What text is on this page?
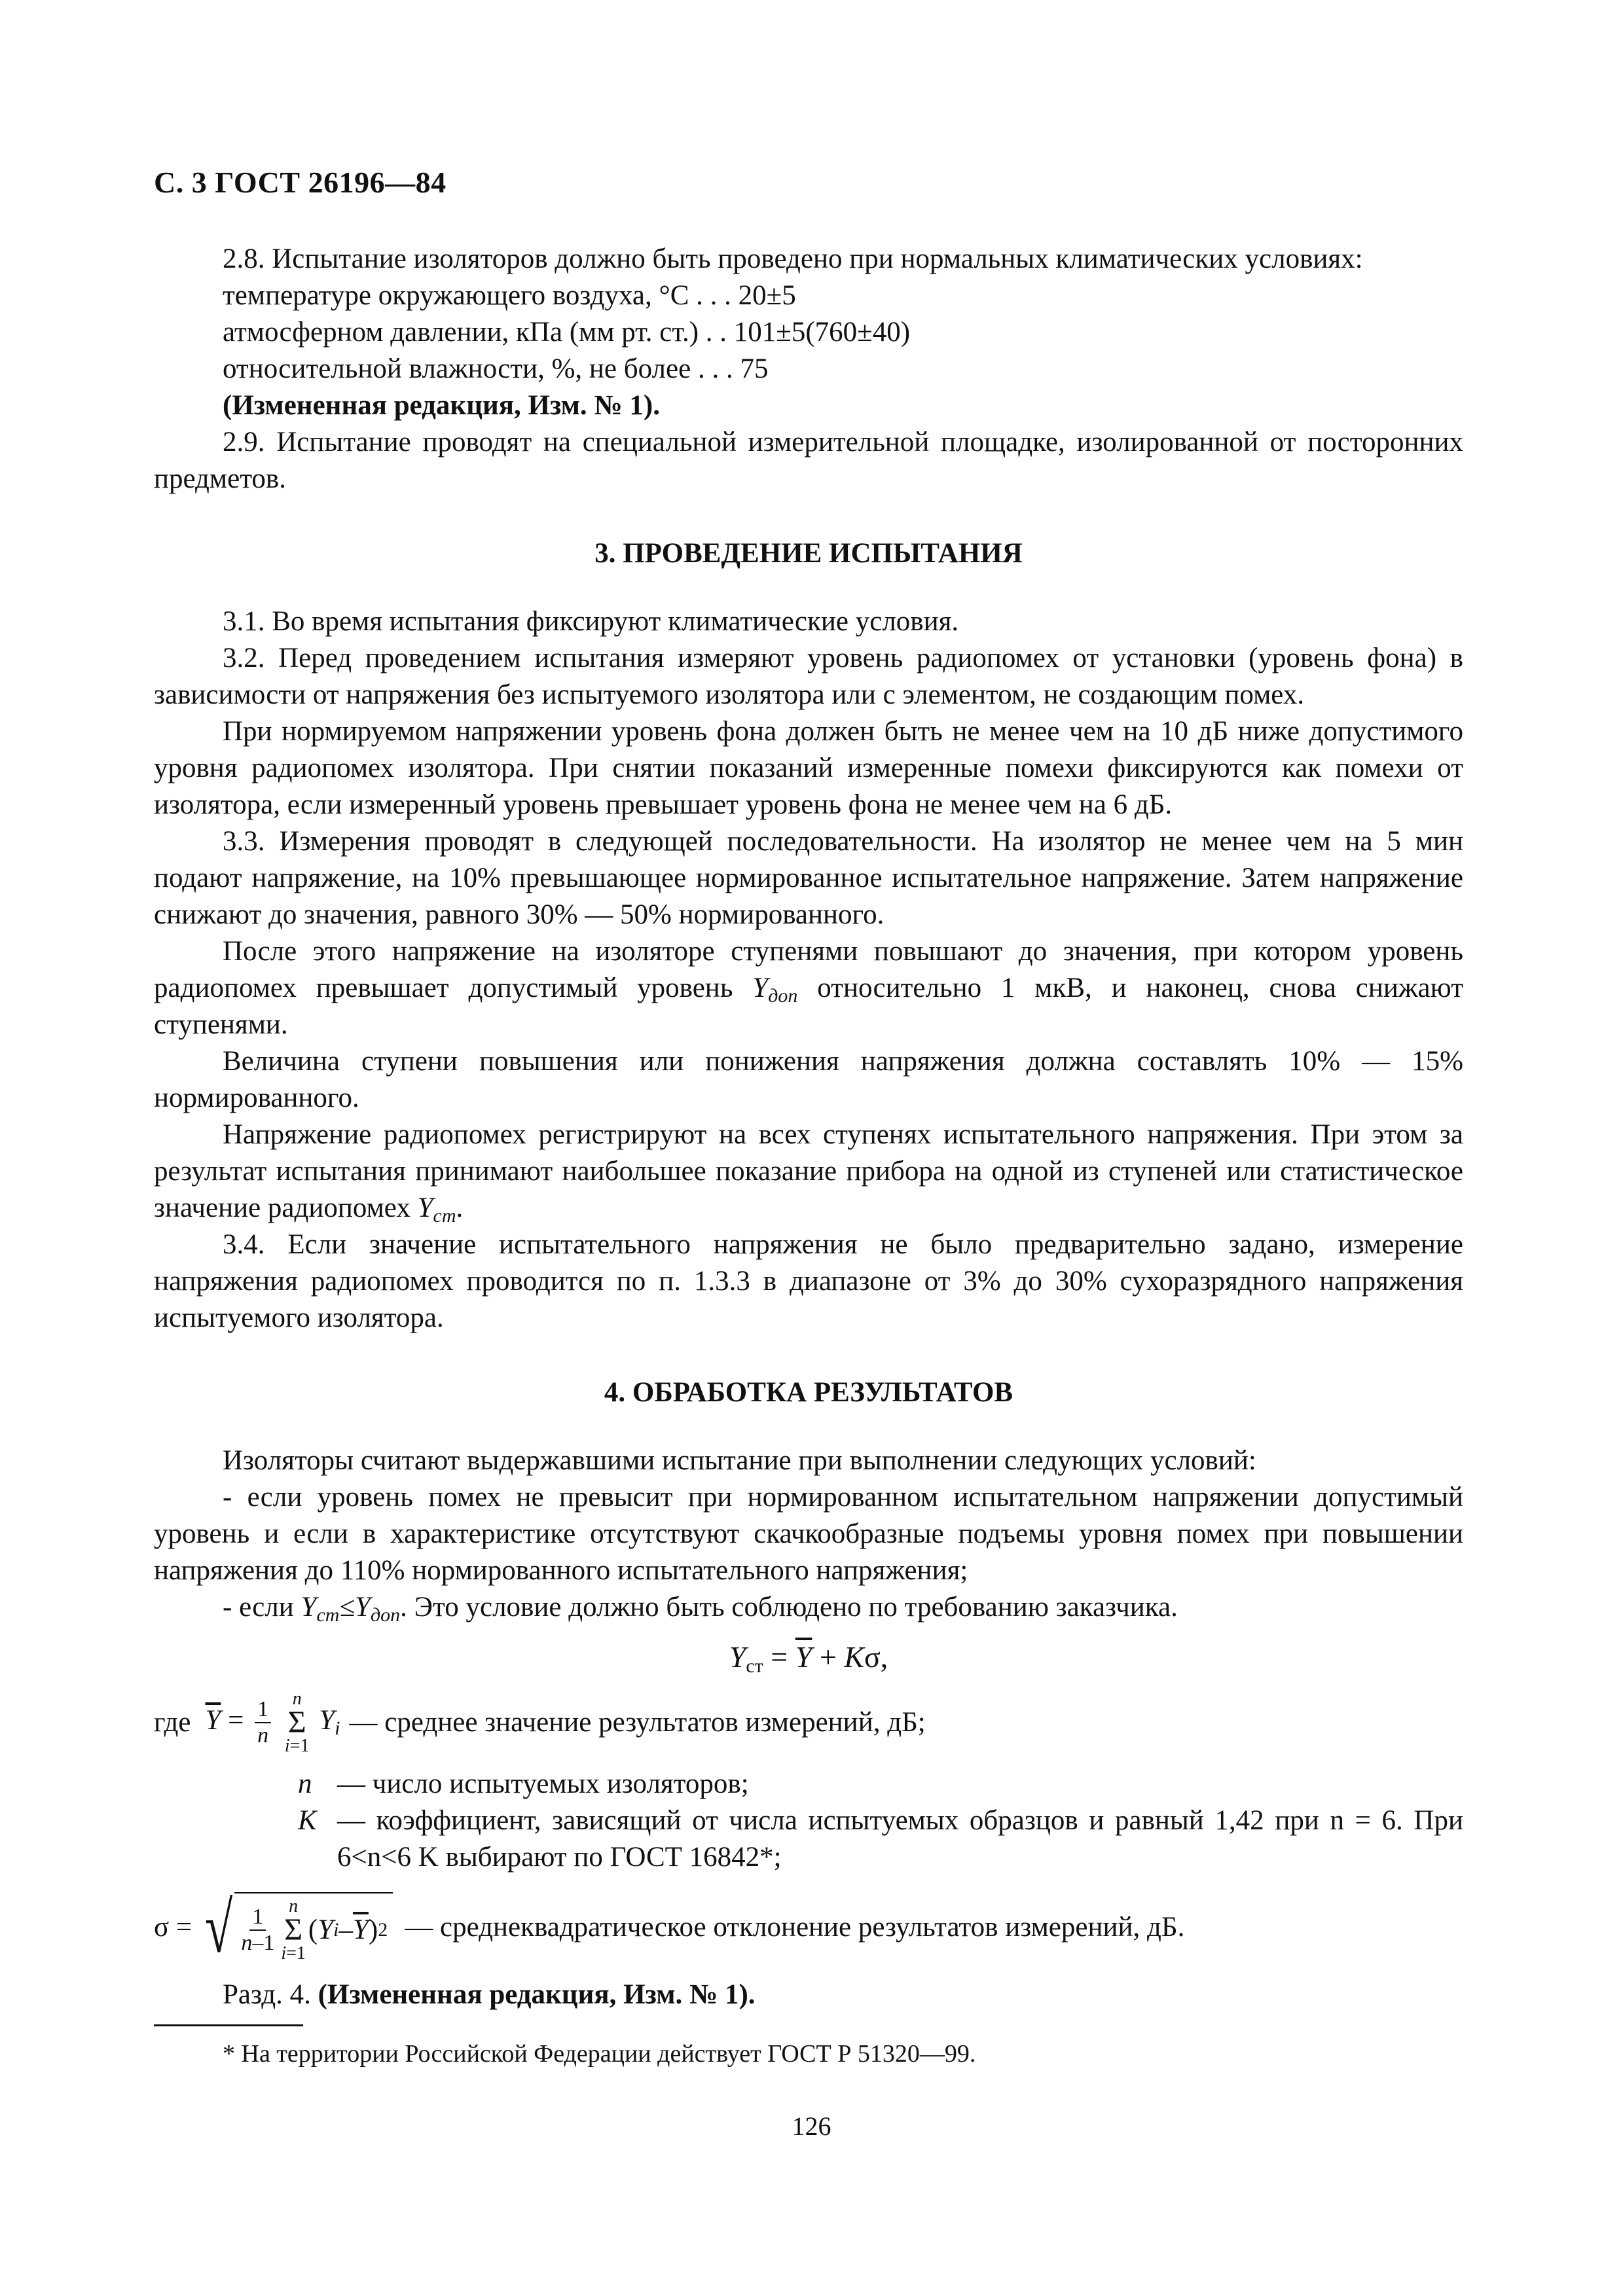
С. 3 ГОСТ 26196—84

2.8. Испытание изоляторов должно быть проведено при нормальных климатических условиях:

температуре окружающего воздуха, °С . . . 20±5

атмосферном давлении, кПа (мм рт. ст.) . . 101±5(760±40)

относительной влажности, %, не более . . . 75

(Измененная редакция, Изм. № 1).

2.9. Испытание проводят на специальной измерительной площадке, изолированной от посторонних предметов.

3. ПРОВЕДЕНИЕ ИСПЫТАНИЯ

3.1. Во время испытания фиксируют климатические условия.

3.2. Перед проведением испытания измеряют уровень радиопомех от установки (уровень фона) в зависимости от напряжения без испытуемого изолятора или с элементом, не создающим помех.

При нормируемом напряжении уровень фона должен быть не менее чем на 10 дБ ниже допустимого уровня радиопомех изолятора. При снятии показаний измеренные помехи фиксируются как помехи от изолятора, если измеренный уровень превышает уровень фона не менее чем на 6 дБ.

3.3. Измерения проводят в следующей последовательности. На изолятор не менее чем на 5 мин подают напряжение, на 10% превышающее нормированное испытательное напряжение. Затем напряжение снижают до значения, равного 30% — 50% нормированного.

После этого напряжение на изоляторе ступенями повышают до значения, при котором уровень радиопомех превышает допустимый уровень $Y_{доп}$ относительно 1 мкВ, и наконец, снова снижают ступенями.

Величина ступени повышения или понижения напряжения должна составлять 10% — 15% нормированного.

Напряжение радиопомех регистрируют на всех ступенях испытательного напряжения. При этом за результат испытания принимают наибольшее показание прибора на одной из ступеней или статистическое значение радиопомех $Y_{ст}$.

3.4. Если значение испытательного напряжения не было предварительно задано, измерение напряжения радиопомех проводится по п. 1.3.3 в диапазоне от 3% до 30% сухоразрядного напряжения испытуемого изолятора.

4. ОБРАБОТКА РЕЗУЛЬТАТОВ

Изоляторы считают выдержавшими испытание при выполнении следующих условий:

- если уровень помех не превысит при нормированном испытательном напряжении допустимый уровень и если в характеристике отсутствуют скачкообразные подъемы уровня помех при повышении напряжения до 110% нормированного испытательного напряжения;

- если $Y_{ст}\le Y_{доп}$. Это условие должно быть соблюдено по требованию заказчика.

$Y_{ст} = \overline{Y} + K\sigma$,
где $\overline{Y} = \frac{1}{n}$
n
Σ
i=1
$Y_i$ — среднее значение результатов измерений, дБ;
n — число испытуемых изоляторов;
K — коэффициент, зависящий от числа испытуемых образцов и равный 1,42 при n = 6. При 6<n<6 K выбирают по ГОСТ 16842*;
σ = √ $\frac{1}{n-1}$ n
Σ
i=1
( Y i – $\overline{Y}$ ) 2 — среднеквадратическое отклонение результатов измерений, дБ.

Разд. 4. (Измененная редакция, Изм. № 1).

* На территории Российской Федерации действует ГОСТ Р 51320—99.
126
